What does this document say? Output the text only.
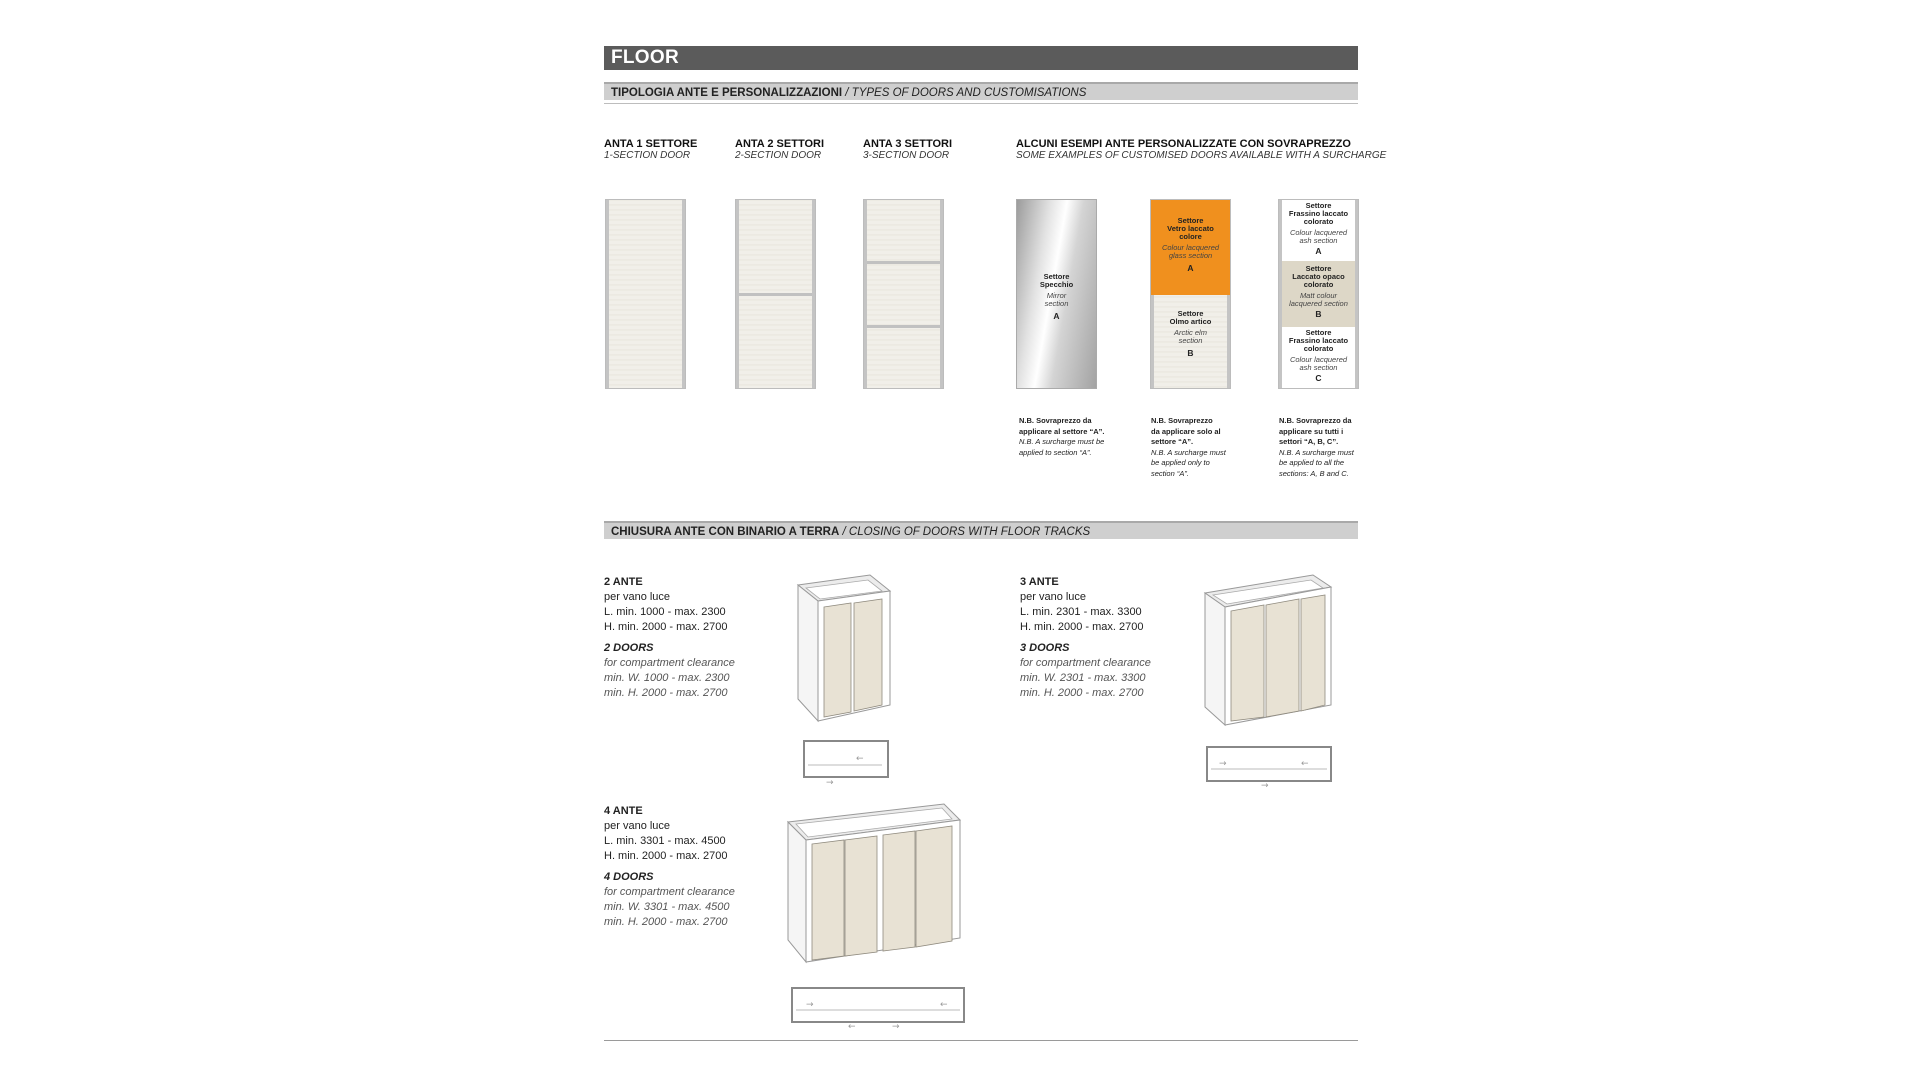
FLOOR
TIPOLOGIA ANTE E PERSONALIZZAZIONI / TYPES OF DOORS AND CUSTOMISATIONS
ANTA 1 SETTORE
1-SECTION DOOR
ANTA 2 SETTORI
2-SECTION DOOR
ANTA 3 SETTORI
3-SECTION DOOR
ALCUNI ESEMPI ANTE PERSONALIZZATE CON SOVRAPREZZO
SOME EXAMPLES OF CUSTOMISED DOORS AVAILABLE WITH A SURCHARGE
Settore
Specchio
Mirror
section
A
Settore
Vetro laccato
colore
Colour lacquered
glass section
A
Settore
Olmo artico
Arctic elm
section
B
Settore
Frassino laccato
colorato
Colour lacquered
ash section
A
Settore
Laccato opaco
colorato
Matt colour
lacquered section
B
Settore
Frassino laccato
colorato
Colour lacquered
ash section
C
N.B. Sovraprezzo da
applicare al settore “A”.
N.B. A surcharge must be
applied to section “A”.
N.B. Sovraprezzo
da applicare solo al
settore “A”.
N.B. A surcharge must
be applied only to
section “A”.
N.B. Sovraprezzo da
applicare su tutti i
settori “A, B, C”.
N.B. A surcharge must
be applied to all the
sections: A, B and C.
CHIUSURA ANTE CON BINARIO A TERRA / CLOSING OF DOORS WITH FLOOR TRACKS
2 ANTE
per vano luce
L. min. 1000 - max. 2300
H. min. 2000 - max. 2700
2 DOORS
for compartment clearance
min. W. 1000 - max. 2300
min. H. 2000 - max. 2700
←
→
3 ANTE
per vano luce
L. min. 2301 - max. 3300
H. min. 2000 - max. 2700
3 DOORS
for compartment clearance
min. W. 2301 - max. 3300
min. H. 2000 - max. 2700
→	←
→
4 ANTE
per vano luce
L. min. 3301 - max. 4500
H. min. 2000 - max. 2700
4 DOORS
for compartment clearance
min. W. 3301 - max. 4500
min. H. 2000 - max. 2700
→	←
←	→
